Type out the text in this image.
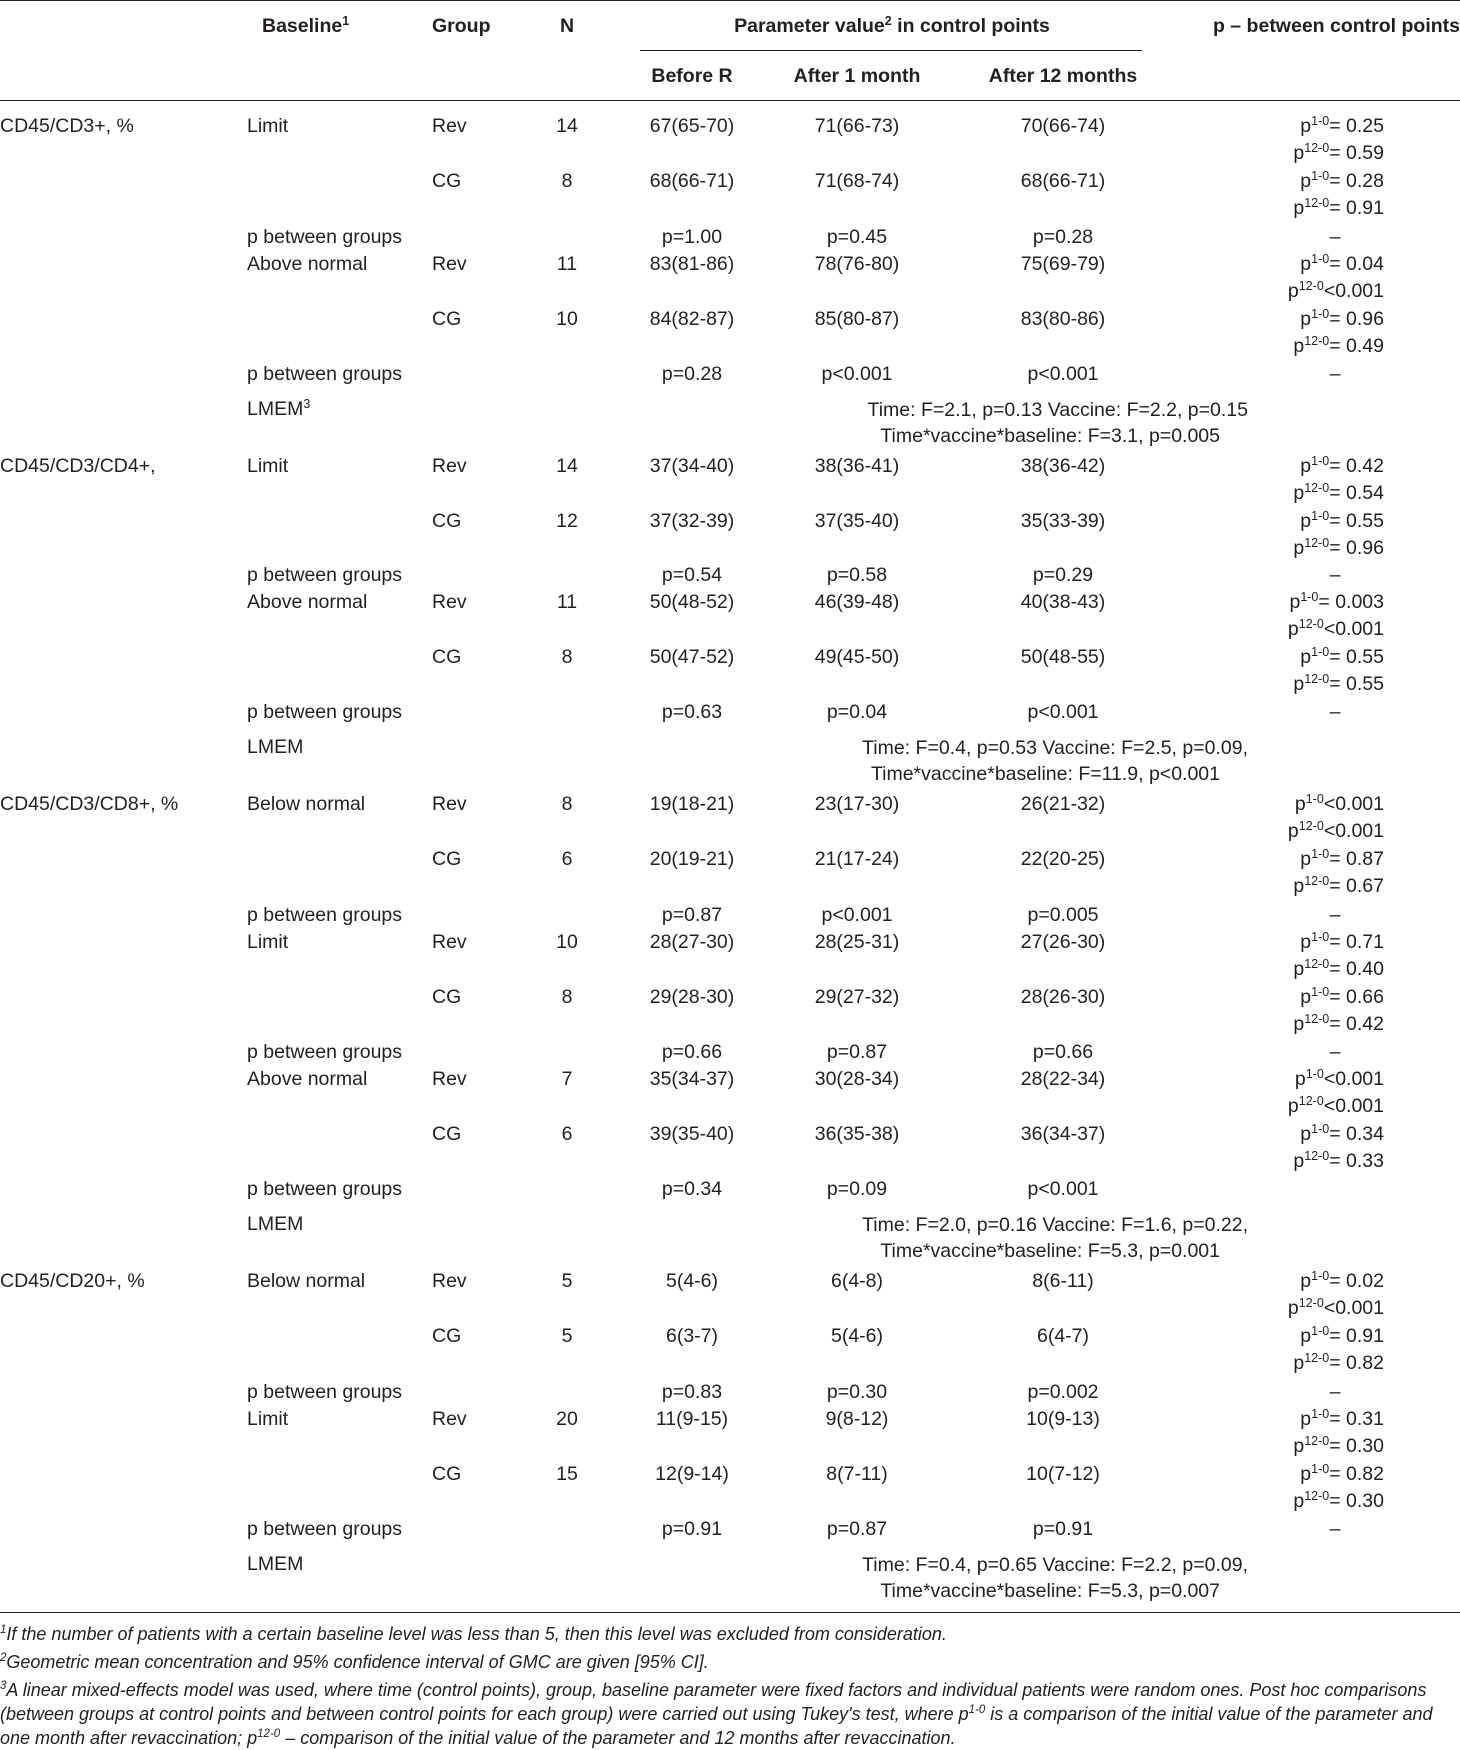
Baseline$^1$	Group	N	Parameter value$^2$ in control points	p – between control points
Before R	After 1 month	After 12 months
CD45/CD3+, %	Limit	Rev	14	67(65-70)	71(66-73)	70(66-74)	$p^{1-0}= 0.25$
$p^{12-0}= 0.59$
CG	8	68(66-71)	71(68-74)	68(66-71)	$p^{1-0}= 0.28$
$p^{12-0}= 0.91$
p between groups	p=1.00	p=0.45	p=0.28	–
Above normal	Rev	11	83(81-86)	78(76-80)	75(69-79)	$p^{1-0}= 0.04$
$p^{12-0}<0.001$
CG	10	84(82-87)	85(80-87)	83(80-86)	$p^{1-0}= 0.96$
$p^{12-0}= 0.49$
p between groups	p=0.28	p<0.001	p<0.001	–
LMEM$^3$	Time: F=2.1, p=0.13 Vaccine: F=2.2, p=0.15
Time*vaccine*baseline: F=3.1, p=0.005
CD45/CD3/CD4+,	Limit	Rev	14	37(34-40)	38(36-41)	38(36-42)	$p^{1-0}= 0.42$
$p^{12-0}= 0.54$
CG	12	37(32-39)	37(35-40)	35(33-39)	$p^{1-0}= 0.55$
$p^{12-0}= 0.96$
p between groups	p=0.54	p=0.58	p=0.29	–
Above normal	Rev	11	50(48-52)	46(39-48)	40(38-43)	$p^{1-0}= 0.003$
$p^{12-0}<0.001$
CG	8	50(47-52)	49(45-50)	50(48-55)	$p^{1-0}= 0.55$
$p^{12-0}= 0.55$
p between groups	p=0.63	p=0.04	p<0.001	–
LMEM	Time: F=0.4, p=0.53 Vaccine: F=2.5, p=0.09,
Time*vaccine*baseline: F=11.9, p<0.001
CD45/CD3/CD8+, %	Below normal	Rev	8	19(18-21)	23(17-30)	26(21-32)	$p^{1-0}<0.001$
$p^{12-0}<0.001$
CG	6	20(19-21)	21(17-24)	22(20-25)	$p^{1-0}= 0.87$
$p^{12-0}= 0.67$
p between groups	p=0.87	p<0.001	p=0.005	–
Limit	Rev	10	28(27-30)	28(25-31)	27(26-30)	$p^{1-0}= 0.71$
$p^{12-0}= 0.40$
CG	8	29(28-30)	29(27-32)	28(26-30)	$p^{1-0}= 0.66$
$p^{12-0}= 0.42$
p between groups	p=0.66	p=0.87	p=0.66	–
Above normal	Rev	7	35(34-37)	30(28-34)	28(22-34)	$p^{1-0}<0.001$
$p^{12-0}<0.001$
CG	6	39(35-40)	36(35-38)	36(34-37)	$p^{1-0}= 0.34$
$p^{12-0}= 0.33$
p between groups	p=0.34	p=0.09	p<0.001
LMEM	Time: F=2.0, p=0.16 Vaccine: F=1.6, p=0.22,
Time*vaccine*baseline: F=5.3, p=0.001
CD45/CD20+, %	Below normal	Rev	5	5(4-6)	6(4-8)	8(6-11)	$p^{1-0}= 0.02$
$p^{12-0}<0.001$
CG	5	6(3-7)	5(4-6)	6(4-7)	$p^{1-0}= 0.91$
$p^{12-0}= 0.82$
p between groups	p=0.83	p=0.30	p=0.002	–
Limit	Rev	20	11(9-15)	9(8-12)	10(9-13)	$p^{1-0}= 0.31$
$p^{12-0}= 0.30$
CG	15	12(9-14)	8(7-11)	10(7-12)	$p^{1-0}= 0.82$
$p^{12-0}= 0.30$
p between groups	p=0.91	p=0.87	p=0.91	–
LMEM	Time: F=0.4, p=0.65 Vaccine: F=2.2, p=0.09,
Time*vaccine*baseline: F=5.3, p=0.007
$^1$If the number of patients with a certain baseline level was less than 5, then this level was excluded from consideration.
$^2$Geometric mean concentration and 95% confidence interval of GMC are given [95% CI].
$^3$A linear mixed-effects model was used, where time (control points), group, baseline parameter were fixed factors and individual patients were random ones. Post hoc comparisons (between groups at control points and between control points for each group) were carried out using Tukey's test, where $p^{1-0}$ is a comparison of the initial value of the parameter and one month after revaccination; $p^{12-0}$ – comparison of the initial value of the parameter and 12 months after revaccination.
